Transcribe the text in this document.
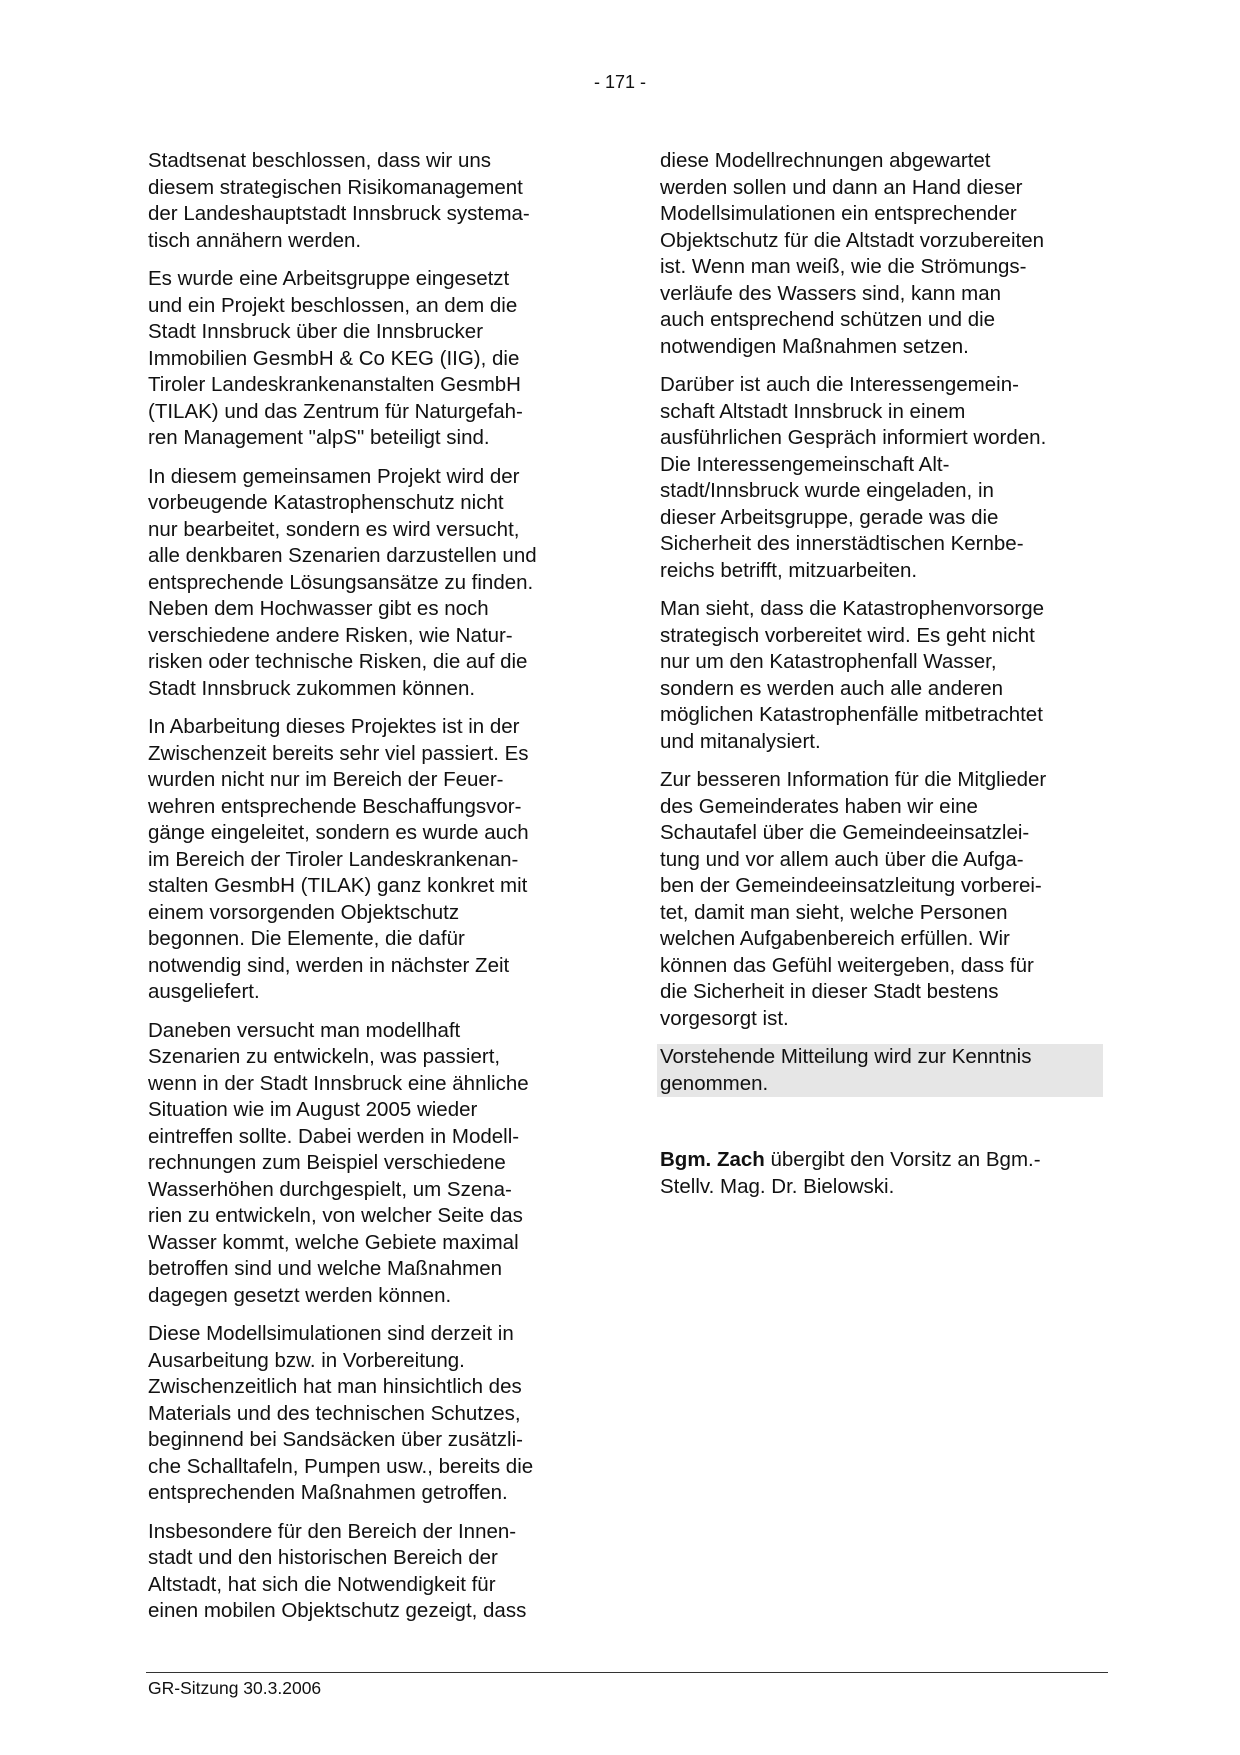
- 171 -

Stadtsenat beschlossen, dass wir uns
diesem strategischen Risikomanagement
der Landeshauptstadt Innsbruck systema-
tisch annähern werden.

Es wurde eine Arbeitsgruppe eingesetzt
und ein Projekt beschlossen, an dem die
Stadt Innsbruck über die Innsbrucker
Immobilien GesmbH & Co KEG (IIG), die
Tiroler Landeskrankenanstalten GesmbH
(TILAK) und das Zentrum für Naturgefah-
ren Management "alpS" beteiligt sind.

In diesem gemeinsamen Projekt wird der
vorbeugende Katastrophenschutz nicht
nur bearbeitet, sondern es wird versucht,
alle denkbaren Szenarien darzustellen und
entsprechende Lösungsansätze zu finden.
Neben dem Hochwasser gibt es noch
verschiedene andere Risken, wie Natur-
risken oder technische Risken, die auf die
Stadt Innsbruck zukommen können.

In Abarbeitung dieses Projektes ist in der
Zwischenzeit bereits sehr viel passiert. Es
wurden nicht nur im Bereich der Feuer-
wehren entsprechende Beschaffungsvor-
gänge eingeleitet, sondern es wurde auch
im Bereich der Tiroler Landeskrankenan-
stalten GesmbH (TILAK) ganz konkret mit
einem vorsorgenden Objektschutz
begonnen. Die Elemente, die dafür
notwendig sind, werden in nächster Zeit
ausgeliefert.

Daneben versucht man modellhaft
Szenarien zu entwickeln, was passiert,
wenn in der Stadt Innsbruck eine ähnliche
Situation wie im August 2005 wieder
eintreffen sollte. Dabei werden in Modell-
rechnungen zum Beispiel verschiedene
Wasserhöhen durchgespielt, um Szena-
rien zu entwickeln, von welcher Seite das
Wasser kommt, welche Gebiete maximal
betroffen sind und welche Maßnahmen
dagegen gesetzt werden können.

Diese Modellsimulationen sind derzeit in
Ausarbeitung bzw. in Vorbereitung.
Zwischenzeitlich hat man hinsichtlich des
Materials und des technischen Schutzes,
beginnend bei Sandsäcken über zusätzli-
che Schalltafeln, Pumpen usw., bereits die
entsprechenden Maßnahmen getroffen.

Insbesondere für den Bereich der Innen-
stadt und den historischen Bereich der
Altstadt, hat sich die Notwendigkeit für
einen mobilen Objektschutz gezeigt, dass

diese Modellrechnungen abgewartet
werden sollen und dann an Hand dieser
Modellsimulationen ein entsprechender
Objektschutz für die Altstadt vorzubereiten
ist. Wenn man weiß, wie die Strömungs-
verläufe des Wassers sind, kann man
auch entsprechend schützen und die
notwendigen Maßnahmen setzen.

Darüber ist auch die Interessengemein-
schaft Altstadt Innsbruck in einem
ausführlichen Gespräch informiert worden.
Die Interessengemeinschaft Alt-
stadt/Innsbruck wurde eingeladen, in
dieser Arbeitsgruppe, gerade was die
Sicherheit des innerstädtischen Kernbe-
reichs betrifft, mitzuarbeiten.

Man sieht, dass die Katastrophenvorsorge
strategisch vorbereitet wird. Es geht nicht
nur um den Katastrophenfall Wasser,
sondern es werden auch alle anderen
möglichen Katastrophenfälle mitbetrachtet
und mitanalysiert.

Zur besseren Information für die Mitglieder
des Gemeinderates haben wir eine
Schautafel über die Gemeindeeinsatzlei-
tung und vor allem auch über die Aufga-
ben der Gemeindeeinsatzleitung vorberei-
tet, damit man sieht, welche Personen
welchen Aufgabenbereich erfüllen. Wir
können das Gefühl weitergeben, dass für
die Sicherheit in dieser Stadt bestens
vorgesorgt ist.

Vorstehende Mitteilung wird zur Kenntnis
genommen.

Bgm. Zach übergibt den Vorsitz an Bgm.-
Stellv. Mag. Dr. Bielowski.

GR-Sitzung 30.3.2006
